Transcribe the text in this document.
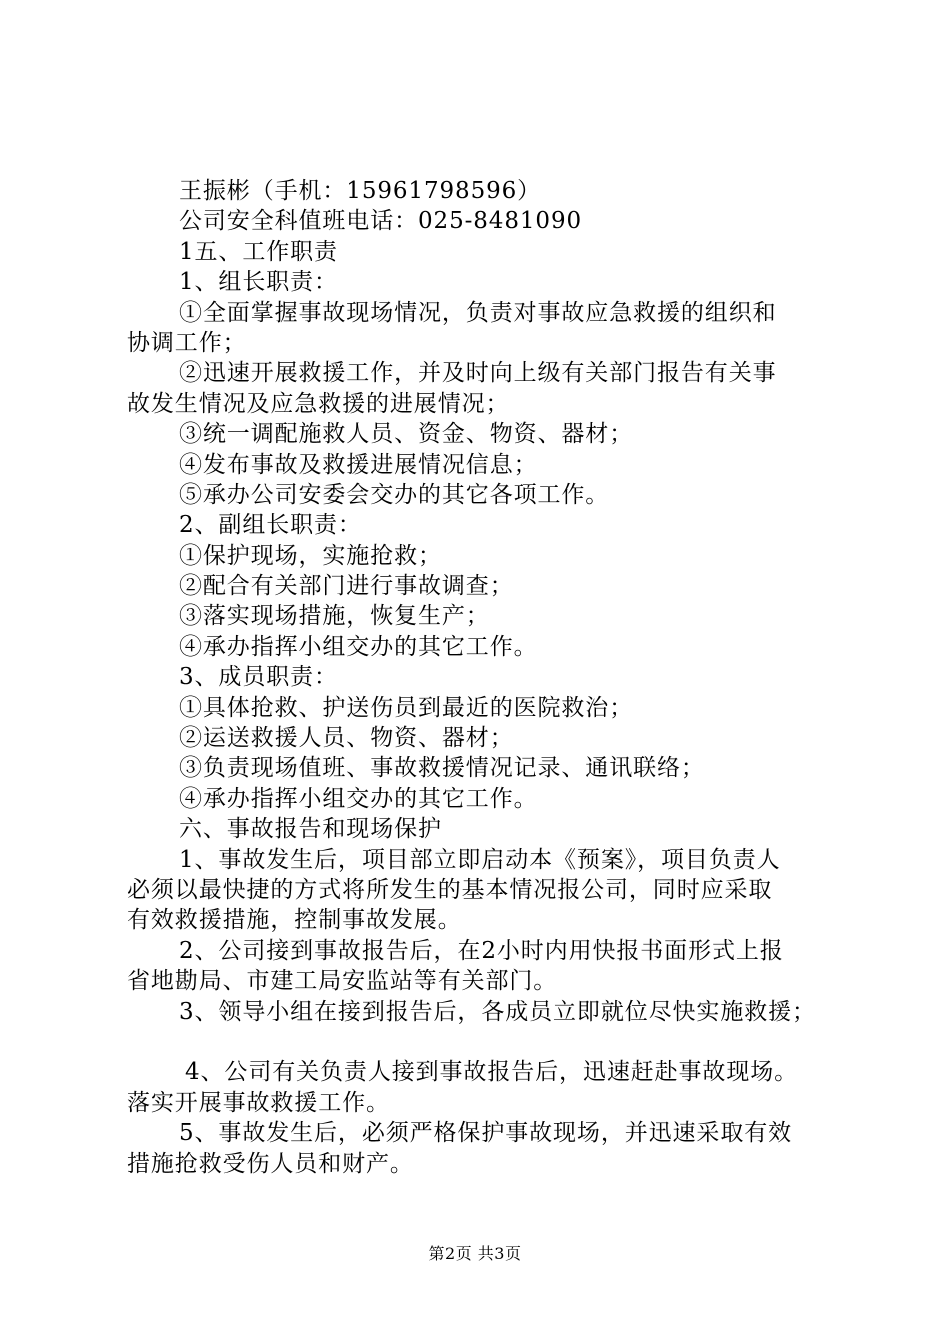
王振彬（手机：15961798596）
公司安全科值班电话：025-8481090
1五、工作职责
1、组长职责：
①全面掌握事故现场情况，负责对事故应急救援的组织和
协调工作；
②迅速开展救援工作，并及时向上级有关部门报告有关事
故发生情况及应急救援的进展情况；
③统一调配施救人员、资金、物资、器材；
④发布事故及救援进展情况信息；
⑤承办公司安委会交办的其它各项工作。
2、副组长职责：
①保护现场，实施抢救；
②配合有关部门进行事故调查；
③落实现场措施，恢复生产；
④承办指挥小组交办的其它工作。
3、成员职责：
①具体抢救、护送伤员到最近的医院救治；
②运送救援人员、物资、器材；
③负责现场值班、事故救援情况记录、通讯联络；
④承办指挥小组交办的其它工作。
六、事故报告和现场保护
1、事故发生后，项目部立即启动本《预案》，项目负责人
必须以最快捷的方式将所发生的基本情况报公司，同时应采取
有效救援措施，控制事故发展。
2、公司接到事故报告后，在2小时内用快报书面形式上报
省地勘局、市建工局安监站等有关部门。
3、领导小组在接到报告后，各成员立即就位尽快实施救援；
4、公司有关负责人接到事故报告后，迅速赶赴事故现场。
落实开展事故救援工作。
5、事故发生后，必须严格保护事故现场，并迅速采取有效
措施抢救受伤人员和财产。
第2页 共3页
